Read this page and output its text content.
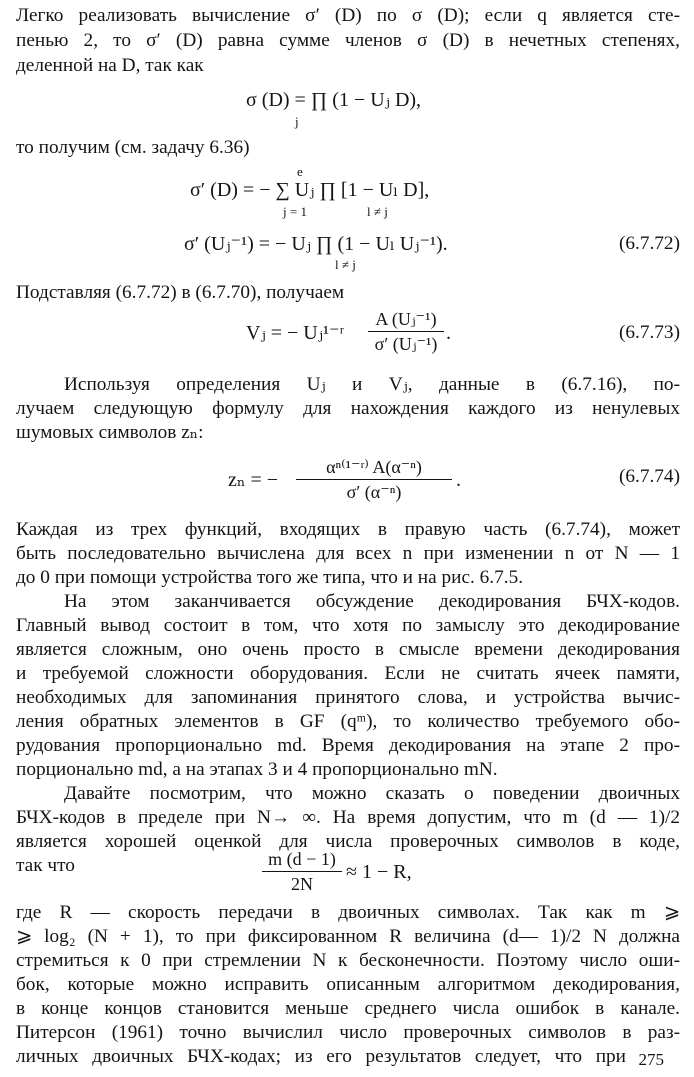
Легко реализовать вычисление σ′ (D) по σ (D); если q является сте-
пенью 2, то σ′ (D) равна сумме членов σ (D) в нечетных степенях,
деленной на D, так как
σ (D) = ∏ (1 − Uⱼ D),
j
то получим (см. задачу 6.36)
e
σ′ (D) = − ∑ Uⱼ ∏ [1 − Uₗ D],
j = 1	l ≠ j
σ′ (Uⱼ⁻¹) = − Uⱼ ∏ (1 − Uₗ Uⱼ⁻¹).
l ≠ j
(6.7.72)
Подставляя (6.7.72) в (6.7.70), получаем
Vⱼ = − Uⱼ¹⁻ʳ
A (Uⱼ⁻¹)
σ′ (Uⱼ⁻¹)
.	(6.7.73)
Используя определения Uⱼ и Vⱼ, данные в (6.7.16), по-
лучаем следующую формулу для нахождения каждого из ненулевых
шумовых символов zₙ:
zₙ = −
αⁿ⁽¹⁻ʳ⁾ A(α⁻ⁿ)
σ′ (α⁻ⁿ)
.	(6.7.74)
Каждая из трех функций, входящих в правую часть (6.7.74), может
быть последовательно вычислена для всех n при изменении n от N — 1
до 0 при помощи устройства того же типа, что и на рис. 6.7.5.
На этом заканчивается обсуждение декодирования БЧХ-кодов.
Главный вывод состоит в том, что хотя по замыслу это декодирование
является сложным, оно очень просто в смысле времени декодирования
и требуемой сложности оборудования. Если не считать ячеек памяти,
необходимых для запоминания принятого слова, и устройства вычис-
ления обратных элементов в GF (qᵐ), то количество требуемого обо-
рудования пропорционально md. Время декодирования на этапе 2 про-
порционально md, а на этапах 3 и 4 пропорционально mN.
Давайте посмотрим, что можно сказать о поведении двоичных
БЧХ-кодов в пределе при N→ ∞. На время допустим, что m (d — 1)/2
является хорошей оценкой для числа проверочных символов в коде,
так что	m (d − 1)
2N
≈ 1 − R,
где R — скорость передачи в двоичных символах. Так как m ⩾
⩾ log₂ (N + 1), то при фиксированном R величина (d— 1)/2 N должна
стремиться к 0 при стремлении N к бесконечности. Поэтому число оши-
бок, которые можно исправить описанным алгоритмом декодирования,
в конце концов становится меньше среднего числа ошибок в канале.
Питерсон (1961) точно вычислил число проверочных символов в раз-
личных двоичных БЧХ-кодах; из его результатов следует, что при 275
